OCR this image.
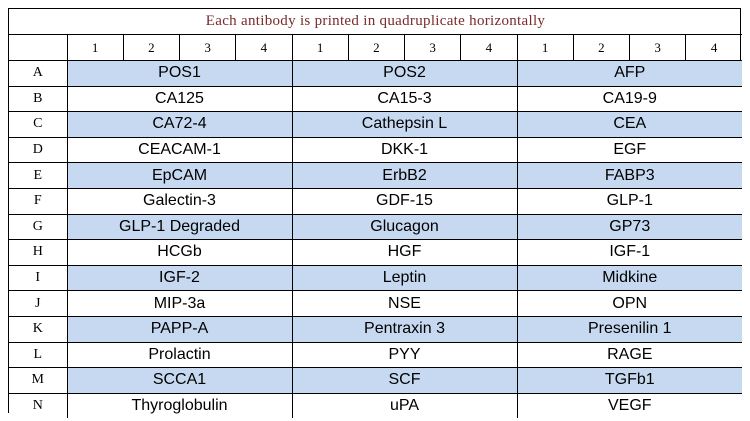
Each antibody is printed in quadruplicate horizontally												
	1	2	3	4	1	2	3	4	1	2	3	4
A	POS1				POS2				AFP			
B	CA125				CA15-3				CA19-9			
C	CA72-4				Cathepsin L				CEA			
D	CEACAM-1				DKK-1				EGF			
E	EpCAM				ErbB2				FABP3			
F	Galectin-3				GDF-15				GLP-1			
G	GLP-1 Degraded				Glucagon				GP73			
H	HCGb				HGF				IGF-1			
I	IGF-2				Leptin				Midkine			
J	MIP-3a				NSE				OPN			
K	PAPP-A				Pentraxin 3				Presenilin 1			
L	Prolactin				PYY				RAGE			
M	SCCA1				SCF				TGFb1			
N	Thyroglobulin				uPA				VEGF			
